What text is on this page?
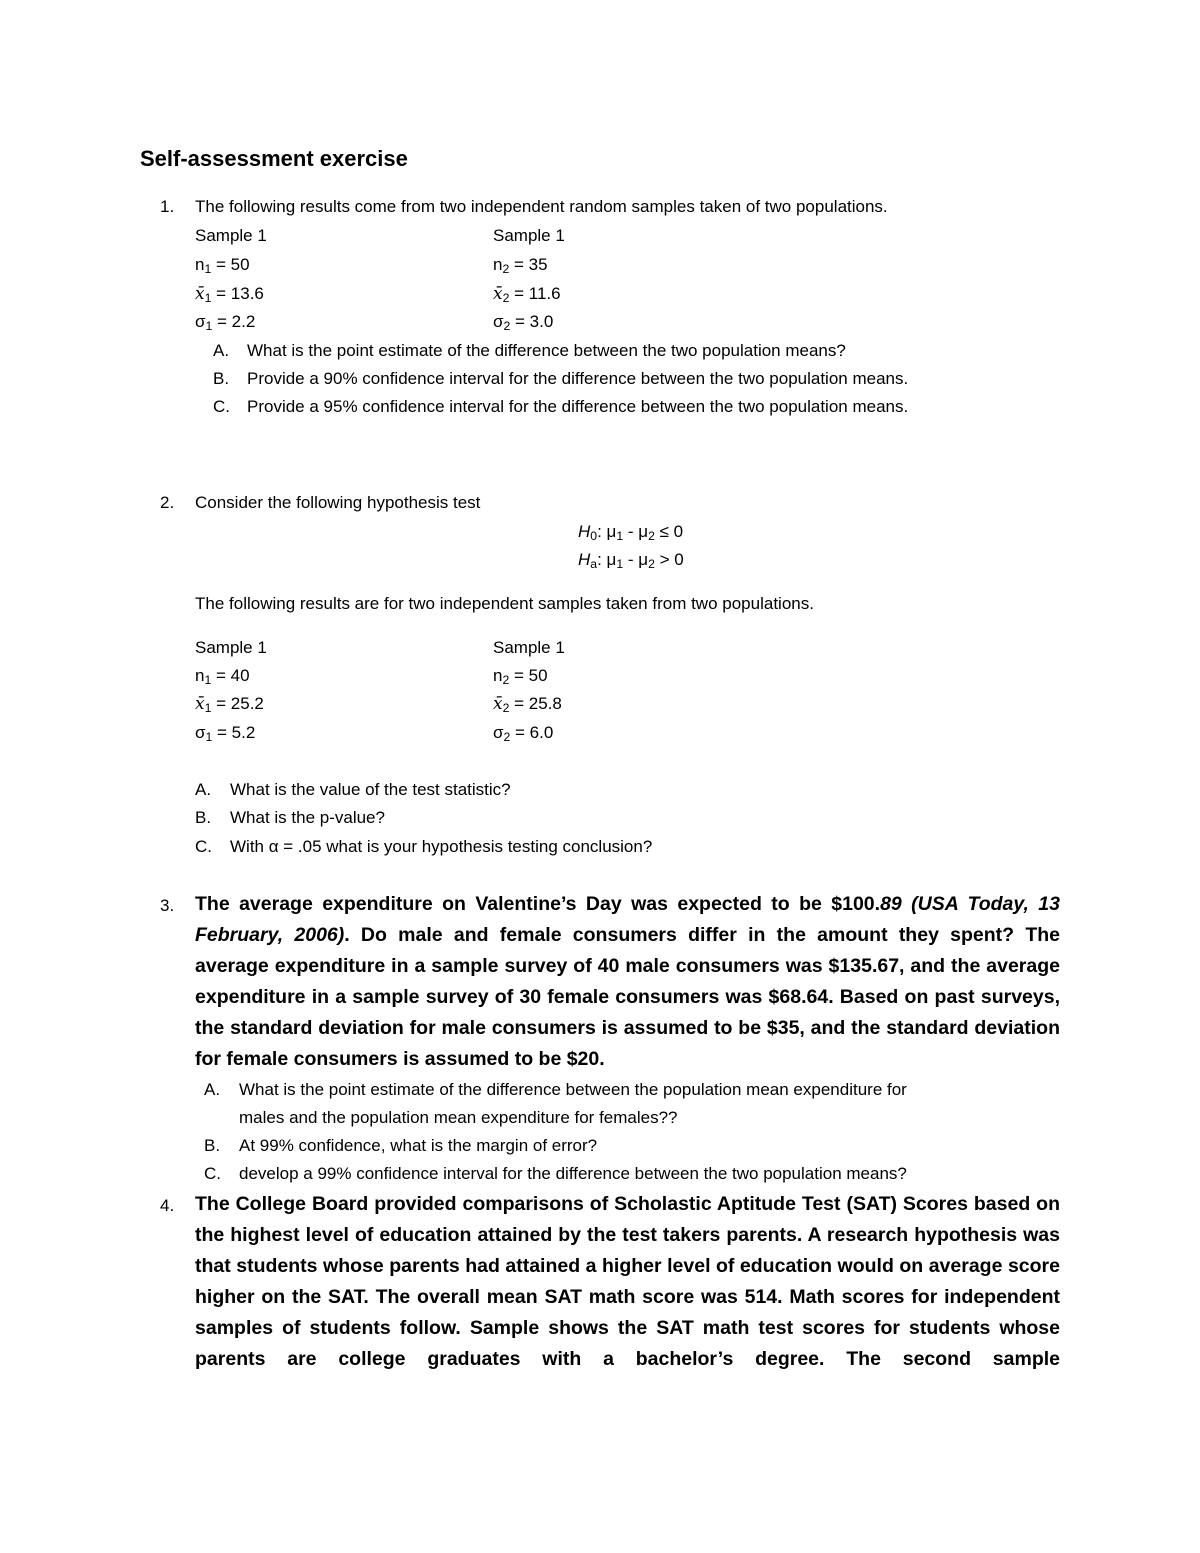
Self-assessment exercise
1. The following results come from two independent random samples taken of two populations.
Sample 1	Sample 1
$n_1 = 50$	$n_2 = 35$
$x̄_1 = 13.6$	$x̄_2 = 11.6$
$\sigma_1 = 2.2$	$\sigma_2 = 3.0$
A. What is the point estimate of the difference between the two population means?
B. Provide a 90% confidence interval for the difference between the two population means.
C. Provide a 95% confidence interval for the difference between the two population means.
2. Consider the following hypothesis test
$H_0$: $\mu_1 - \mu_2 \le 0$
$H_a$: $\mu_1 - \mu_2 > 0$
The following results are for two independent samples taken from two populations.
Sample 1	Sample 1
$n_1 = 40$	$n_2 = 50$
$x̄_1 = 25.2$	$x̄_2 = 25.8$
$\sigma_1 = 5.2$	$\sigma_2 = 6.0$
A. What is the value of the test statistic?
B. What is the p-value?
C. With α = .05 what is your hypothesis testing conclusion?
3. The average expenditure on Valentine’s Day was expected to be $100.89 (USA Today, 13 February, 2006). Do male and female consumers differ in the amount they spent? The average expenditure in a sample survey of 40 male consumers was $135.67, and the average expenditure in a sample survey of 30 female consumers was $68.64. Based on past surveys, the standard deviation for male consumers is assumed to be $35, and the standard deviation for female consumers is assumed to be $20.
A. What is the point estimate of the difference between the population mean expenditure for
males and the population mean expenditure for females??
B. At 99% confidence, what is the margin of error?
C. develop a 99% confidence interval for the difference between the two population means?
4. The College Board provided comparisons of Scholastic Aptitude Test (SAT) Scores based on the highest level of education attained by the test takers parents. A research hypothesis was that students whose parents had attained a higher level of education would on average score higher on the SAT. The overall mean SAT math score was 514. Math scores for independent samples of students follow. Sample shows the SAT math test scores for students whose parents are college graduates with a bachelor’s degree. The second sample
